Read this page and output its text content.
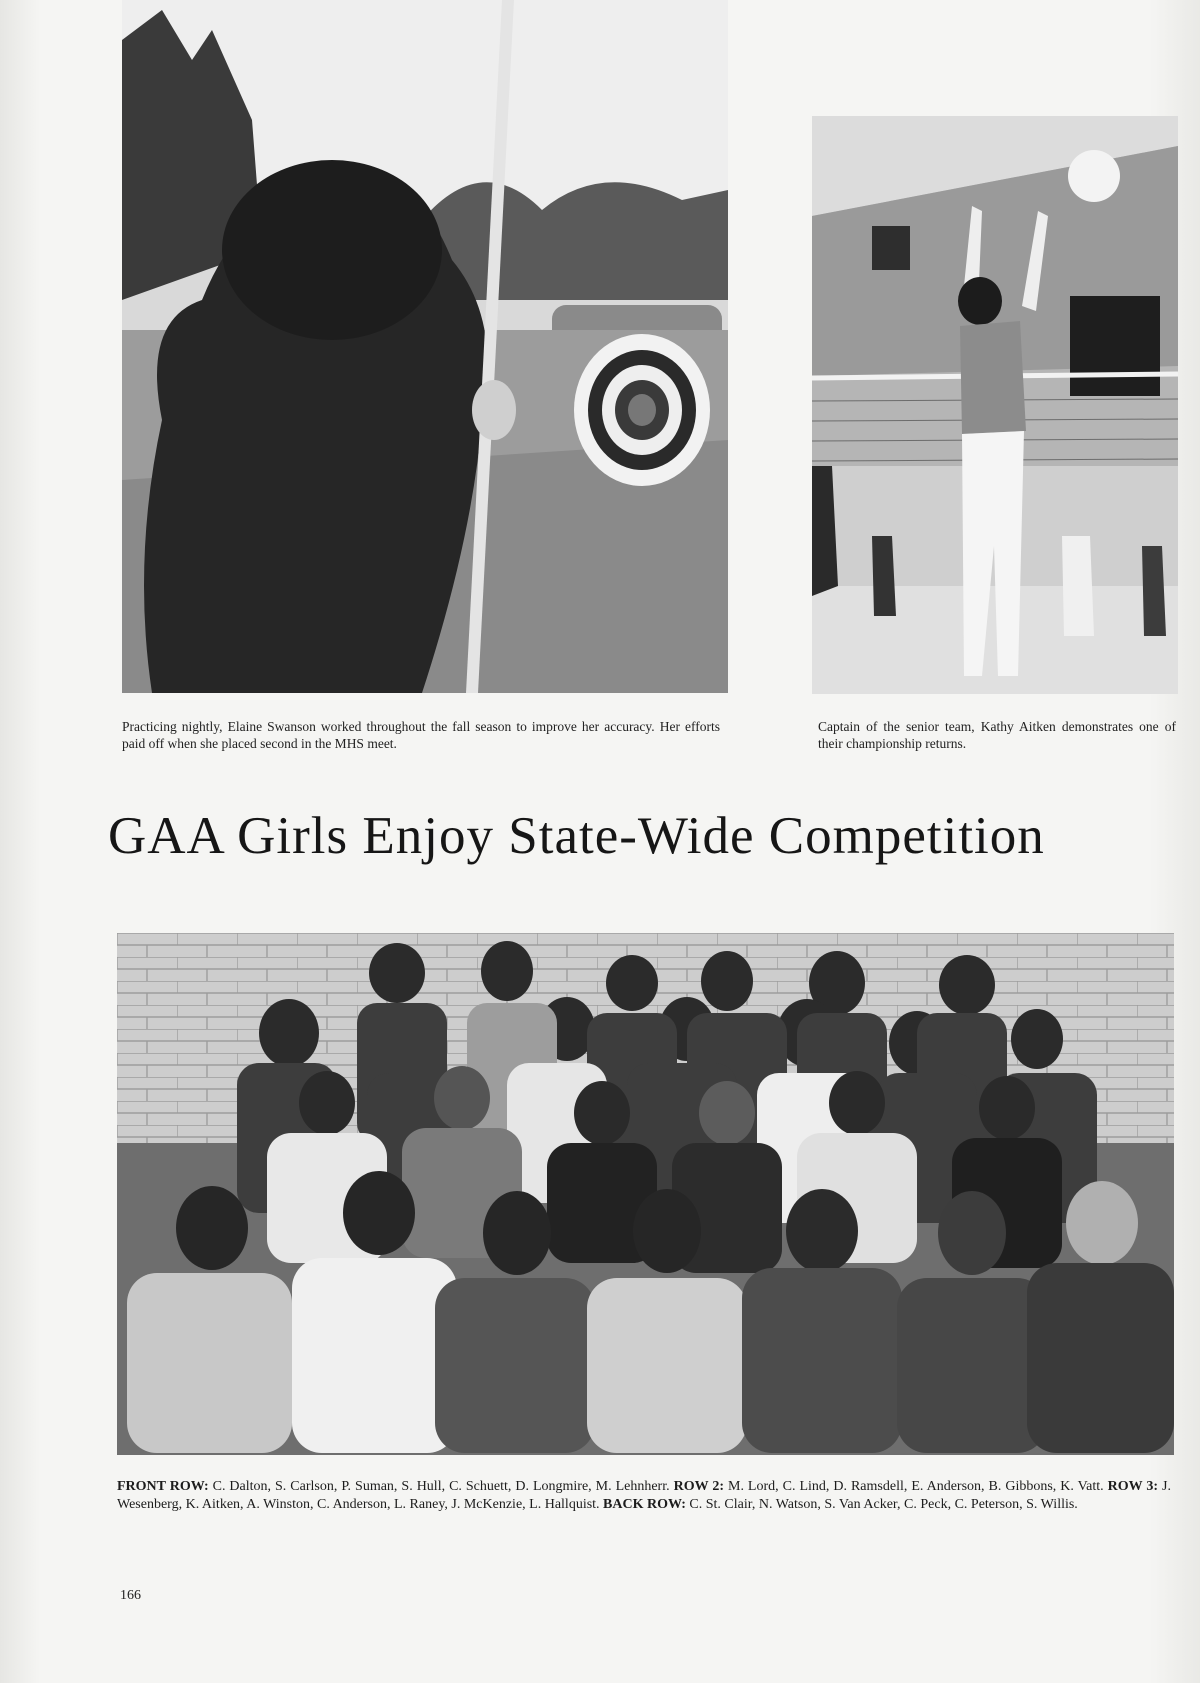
Practicing nightly, Elaine Swanson worked throughout the fall season to improve her accuracy. Her efforts paid off when she placed second in the MHS meet.
Captain of the senior team, Kathy Aitken demonstrates one of their championship returns.
GAA Girls Enjoy State-Wide Competition
FRONT ROW: C. Dalton, S. Carlson, P. Suman, S. Hull, C. Schuett, D. Longmire, M. Lehnherr. ROW 2: M. Lord, C. Lind, D. Ramsdell, E. Anderson, B. Gibbons, K. Vatt. ROW 3: J. Wesenberg, K. Aitken, A. Winston, C. Anderson, L. Raney, J. McKenzie, L. Hallquist. BACK ROW: C. St. Clair, N. Watson, S. Van Acker, C. Peck, C. Peterson, S. Willis.
166
